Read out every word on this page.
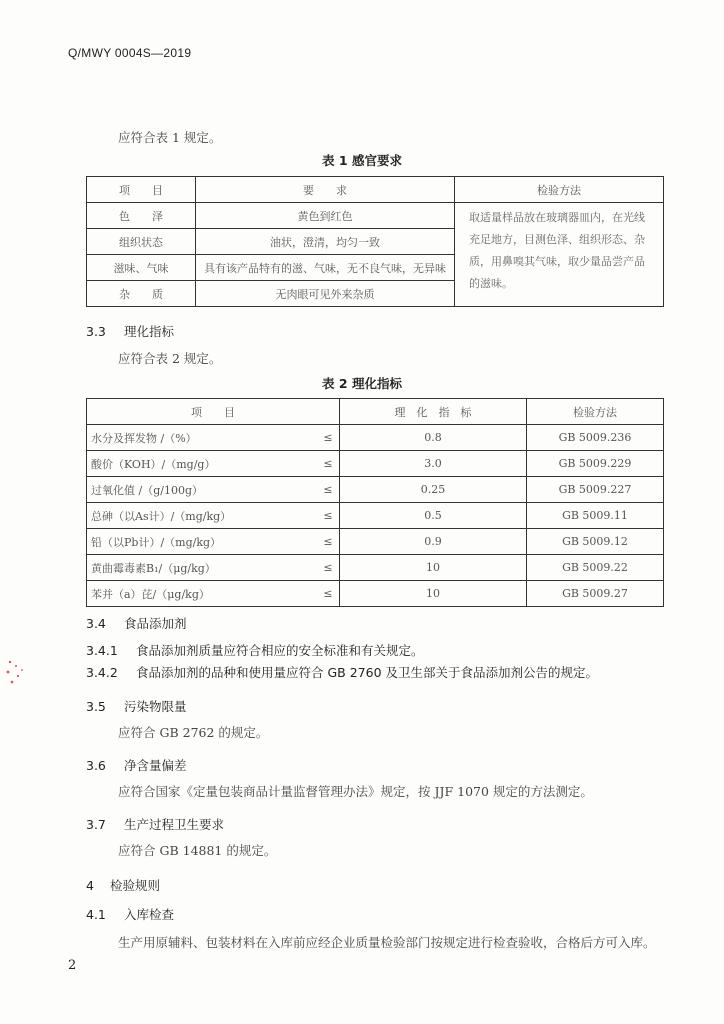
Q/MWY 0004S—2019
应符合表 1 规定。
表 1 感官要求
项　　目	要　　求	检验方法
色　　泽	黄色到红色	取适量样品放在玻璃器皿内，在光线充足地方，目测色泽、组织形态、杂质，用鼻嗅其气味，取少量品尝产品的滋味。
组织状态	油状，澄清，均匀一致	
滋味、气味	具有该产品特有的滋、气味，无不良气味，无异味	
杂　　质	无肉眼可见外来杂质	
3.3 理化指标
应符合表 2 规定。
表 2 理化指标
项　　目		理　化　指　标	检验方法
水分及挥发物 /（%）	≤	0.8	GB 5009.236
酸价（KOH）/（mg/g）	≤	3.0	GB 5009.229
过氧化值 /（g/100g）	≤	0.25	GB 5009.227
总砷（以As计）/（mg/kg）	≤	0.5	GB 5009.11
铅（以Pb计）/（mg/kg）	≤	0.9	GB 5009.12
黄曲霉毒素B₁/（μg/kg）	≤	10	GB 5009.22
苯并（a）芘/（μg/kg）	≤	10	GB 5009.27
3.4 食品添加剂
3.4.1 食品添加剂质量应符合相应的安全标准和有关规定。
3.4.2 食品添加剂的品种和使用量应符合 GB 2760 及卫生部关于食品添加剂公告的规定。
3.5 污染物限量
应符合 GB 2762 的规定。
3.6 净含量偏差
应符合国家《定量包装商品计量监督管理办法》规定，按 JJF 1070 规定的方法测定。
3.7 生产过程卫生要求
应符合 GB 14881 的规定。
4 检验规则
4.1 入库检查
生产用原辅料、包装材料在入库前应经企业质量检验部门按规定进行检查验收，合格后方可入库。
2
